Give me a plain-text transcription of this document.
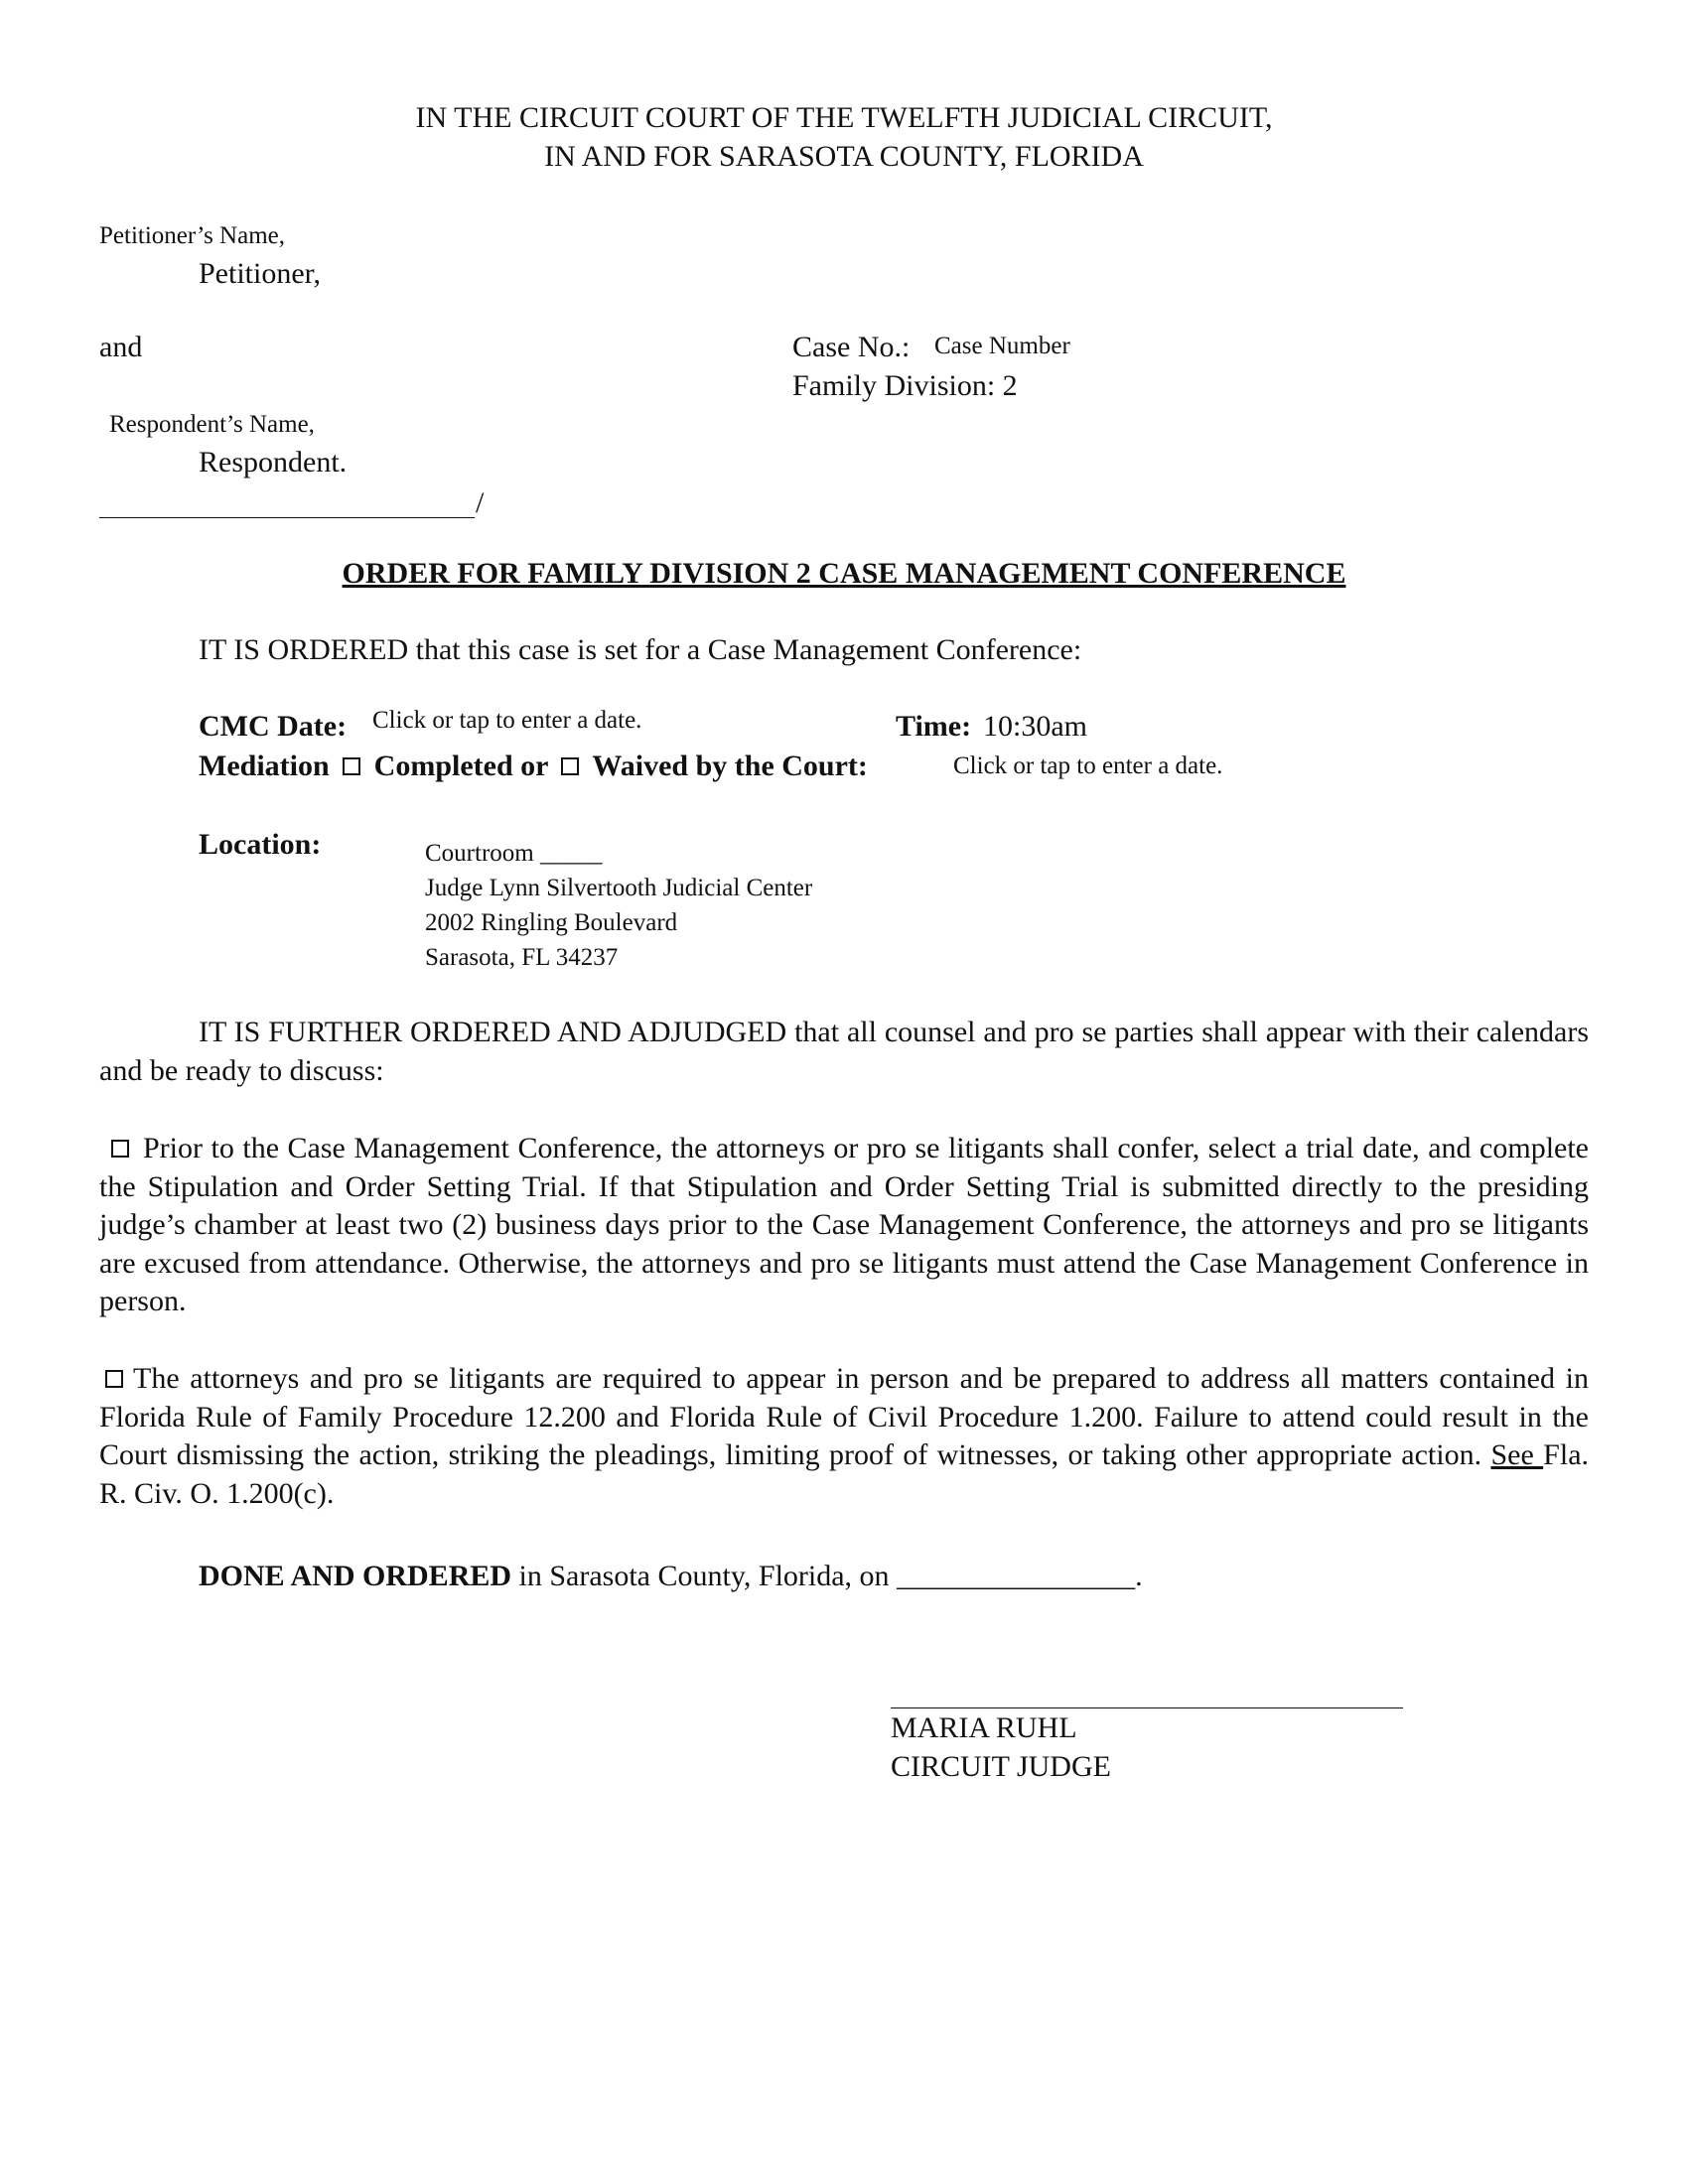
IN THE CIRCUIT COURT OF THE TWELFTH JUDICIAL CIRCUIT,
IN AND FOR SARASOTA COUNTY, FLORIDA
Petitioner’s Name,
Petitioner,
and
Respondent’s Name,
Respondent.
/
Case No.: Case Number
Family Division: 2
ORDER FOR FAMILY DIVISION 2 CASE MANAGEMENT CONFERENCE
IT IS ORDERED that this case is set for a Case Management Conference:
CMC Date: Click or tap to enter a date.	Time: 10:30am
Mediation Completed or Waived by the Court:	Click or tap to enter a date.
Location:	Courtroom _____
Judge Lynn Silvertooth Judicial Center
2002 Ringling Boulevard
Sarasota, FL 34237
IT IS FURTHER ORDERED AND ADJUDGED that all counsel and pro se parties shall appear with their calendars and be ready to discuss:
Prior to the Case Management Conference, the attorneys or pro se litigants shall confer, select a trial date, and complete the Stipulation and Order Setting Trial. If that Stipulation and Order Setting Trial is submitted directly to the presiding judge’s chamber at least two (2) business days prior to the Case Management Conference, the attorneys and pro se litigants are excused from attendance. Otherwise, the attorneys and pro se litigants must attend the Case Management Conference in person.
The attorneys and pro se litigants are required to appear in person and be prepared to address all matters contained in Florida Rule of Family Procedure 12.200 and Florida Rule of Civil Procedure 1.200. Failure to attend could result in the Court dismissing the action, striking the pleadings, limiting proof of witnesses, or taking other appropriate action. See Fla. R. Civ. O. 1.200(c).
DONE AND ORDERED in Sarasota County, Florida, on ________________.
MARIA RUHL
CIRCUIT JUDGE
